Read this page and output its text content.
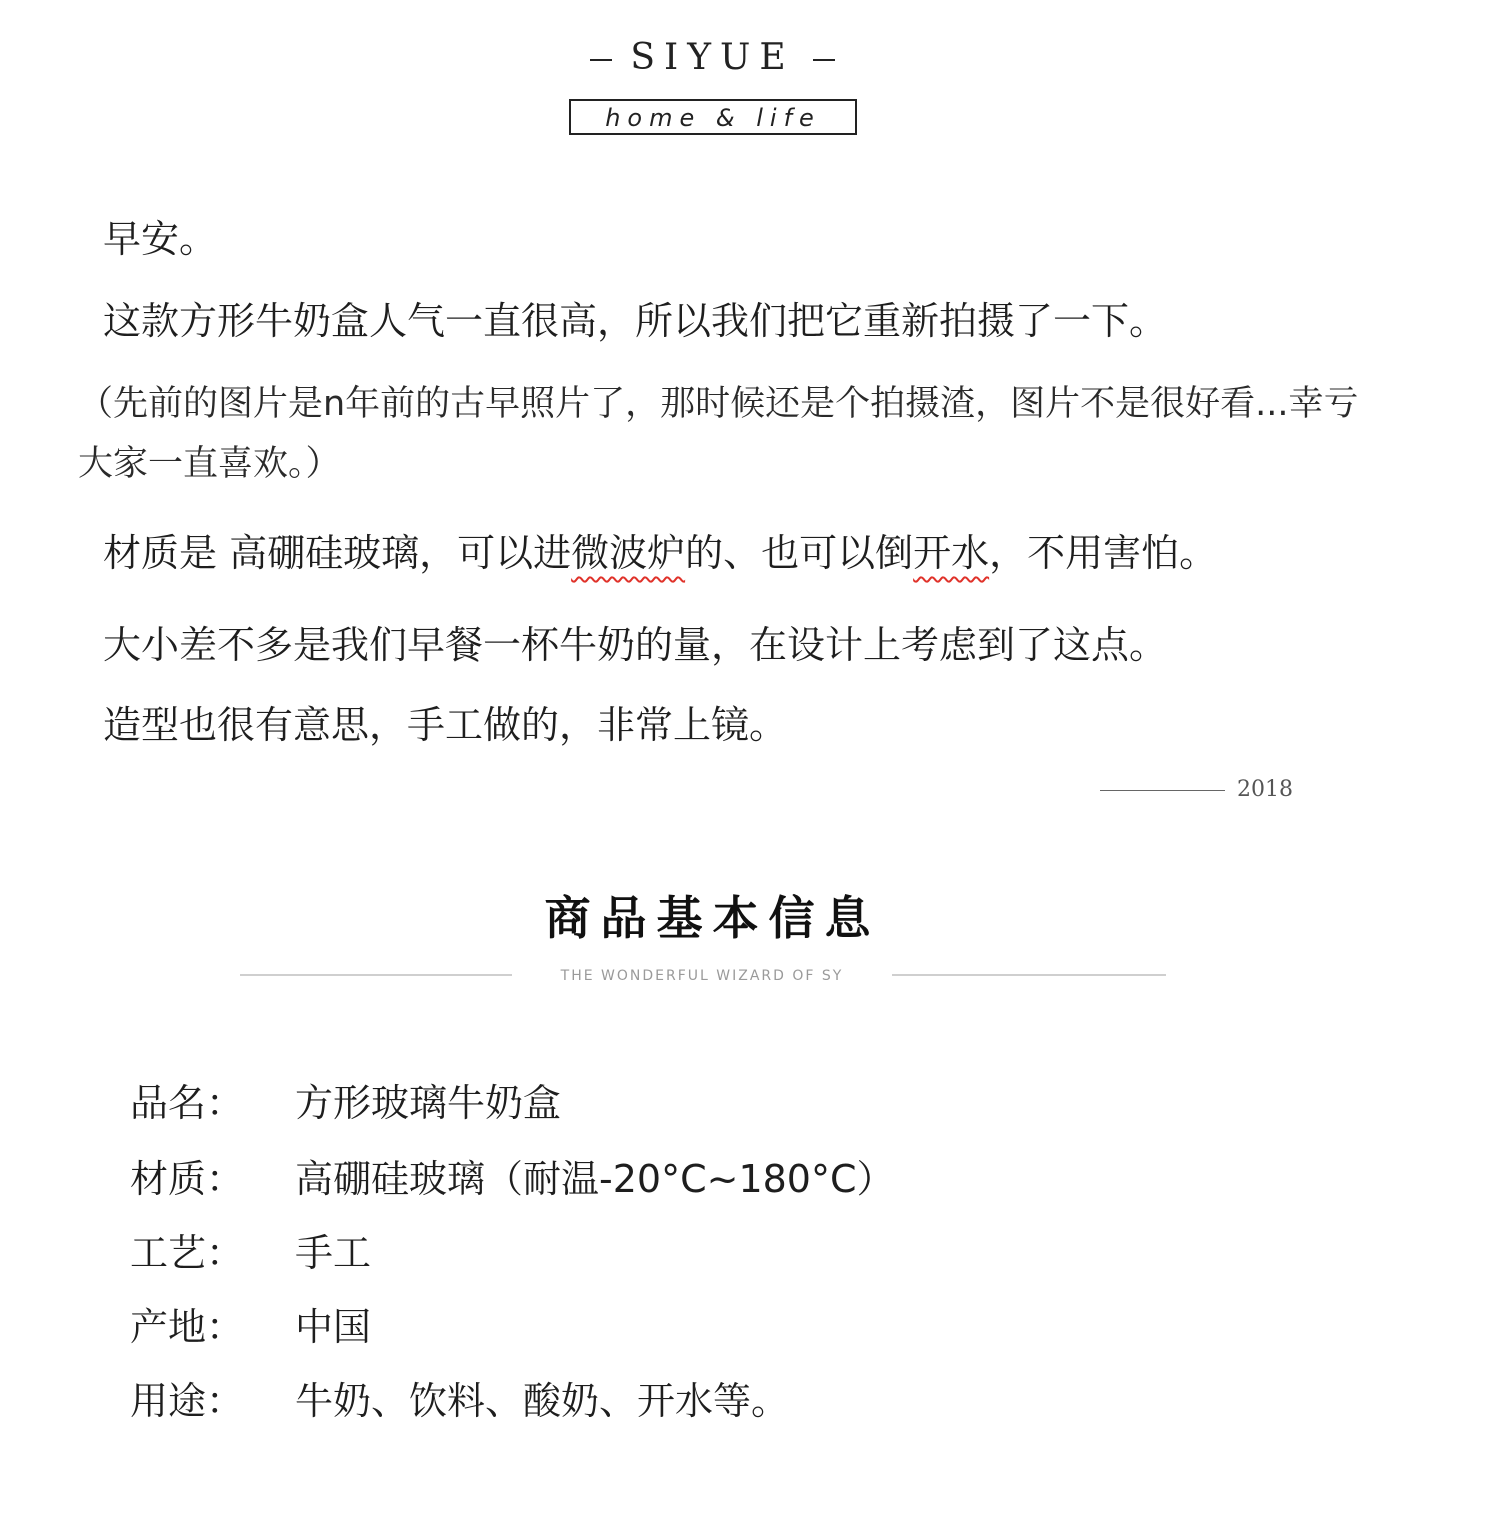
SIYUE
home & life
早安。
这款方形牛奶盒人气一直很高，所以我们把它重新拍摄了一下。
（先前的图片是n年前的古早照片了，那时候还是个拍摄渣，图片不是很好看...幸亏大家一直喜欢。）
材质是 高硼硅玻璃，可以进微波炉的、也可以倒开水，不用害怕。
大小差不多是我们早餐一杯牛奶的量，在设计上考虑到了这点。
造型也很有意思，手工做的，非常上镜。
2018
商品基本信息
THE WONDERFUL WIZARD OF SY
品名： 方形玻璃牛奶盒
材质： 高硼硅玻璃（耐温-20°C~180°C）
工艺： 手工
产地： 中国
用途： 牛奶、饮料、酸奶、开水等。
